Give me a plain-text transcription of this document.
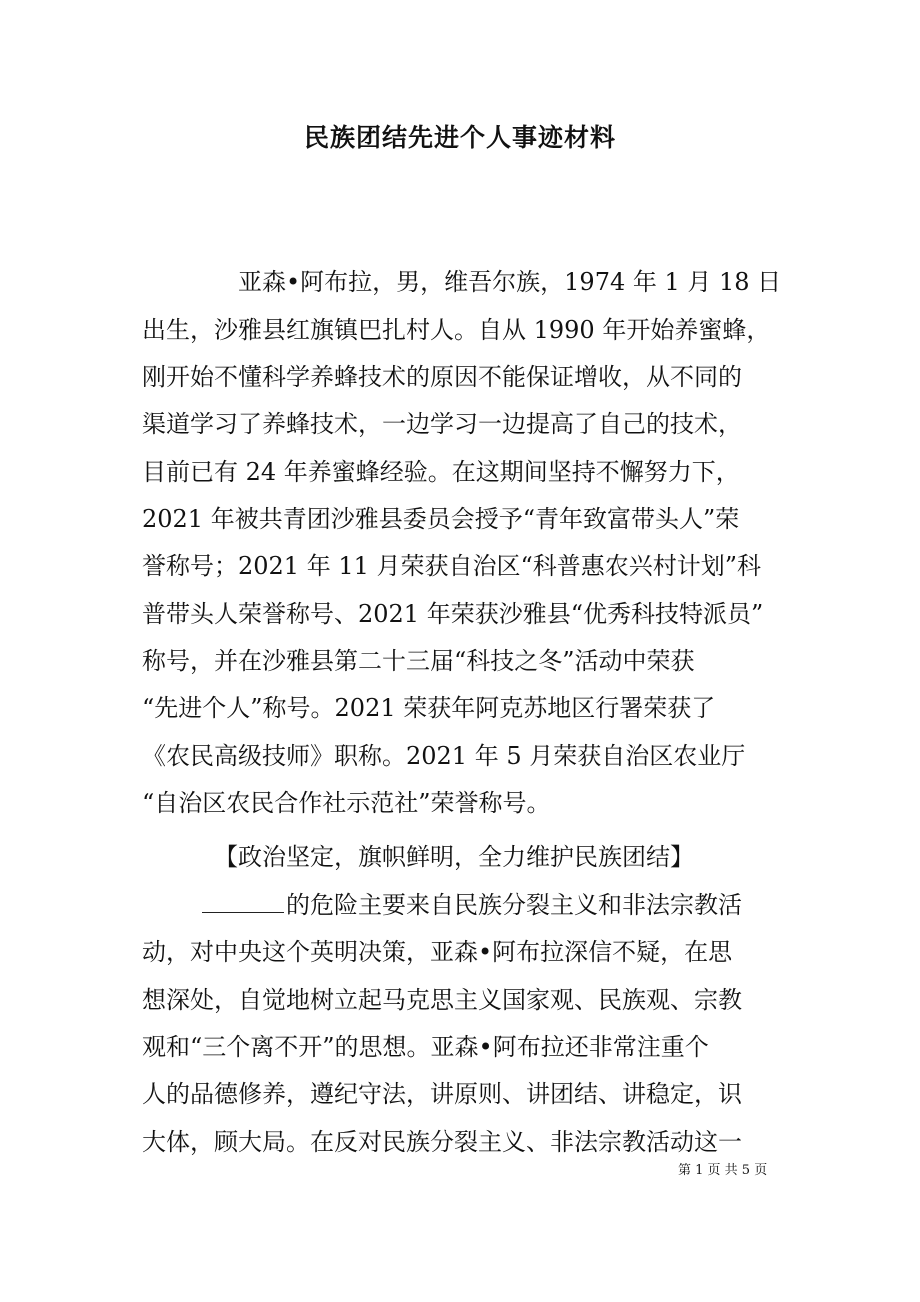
民族团结先进个人事迹材料
亚森•阿布拉，男，维吾尔族，1974 年 1 月 18 日
出生，沙雅县红旗镇巴扎村人。自从 1990 年开始养蜜蜂，
刚开始不懂科学养蜂技术的原因不能保证增收，从不同的
渠道学习了养蜂技术，一边学习一边提高了自己的技术，
目前已有 24 年养蜜蜂经验。在这期间坚持不懈努力下，
2021 年被共青团沙雅县委员会授予“青年致富带头人”荣
誉称号；2021 年 11 月荣获自治区“科普惠农兴村计划”科
普带头人荣誉称号、2021 年荣获沙雅县“优秀科技特派员”
称号，并在沙雅县第二十三届“科技之冬”活动中荣获
“先进个人”称号。2021 荣获年阿克苏地区行署荣获了
《农民高级技师》职称。2021 年 5 月荣获自治区农业厅
“自治区农民合作社示范社”荣誉称号。
【政治坚定，旗帜鲜明，全力维护民族团结】
的危险主要来自民族分裂主义和非法宗教活
动，对中央这个英明决策，亚森•阿布拉深信不疑，在思
想深处，自觉地树立起马克思主义国家观、民族观、宗教
观和“三个离不开”的思想。亚森•阿布拉还非常注重个
人的品德修养，遵纪守法，讲原则、讲团结、讲稳定，识
大体，顾大局。在反对民族分裂主义、非法宗教活动这一
第 1 页 共 5 页
